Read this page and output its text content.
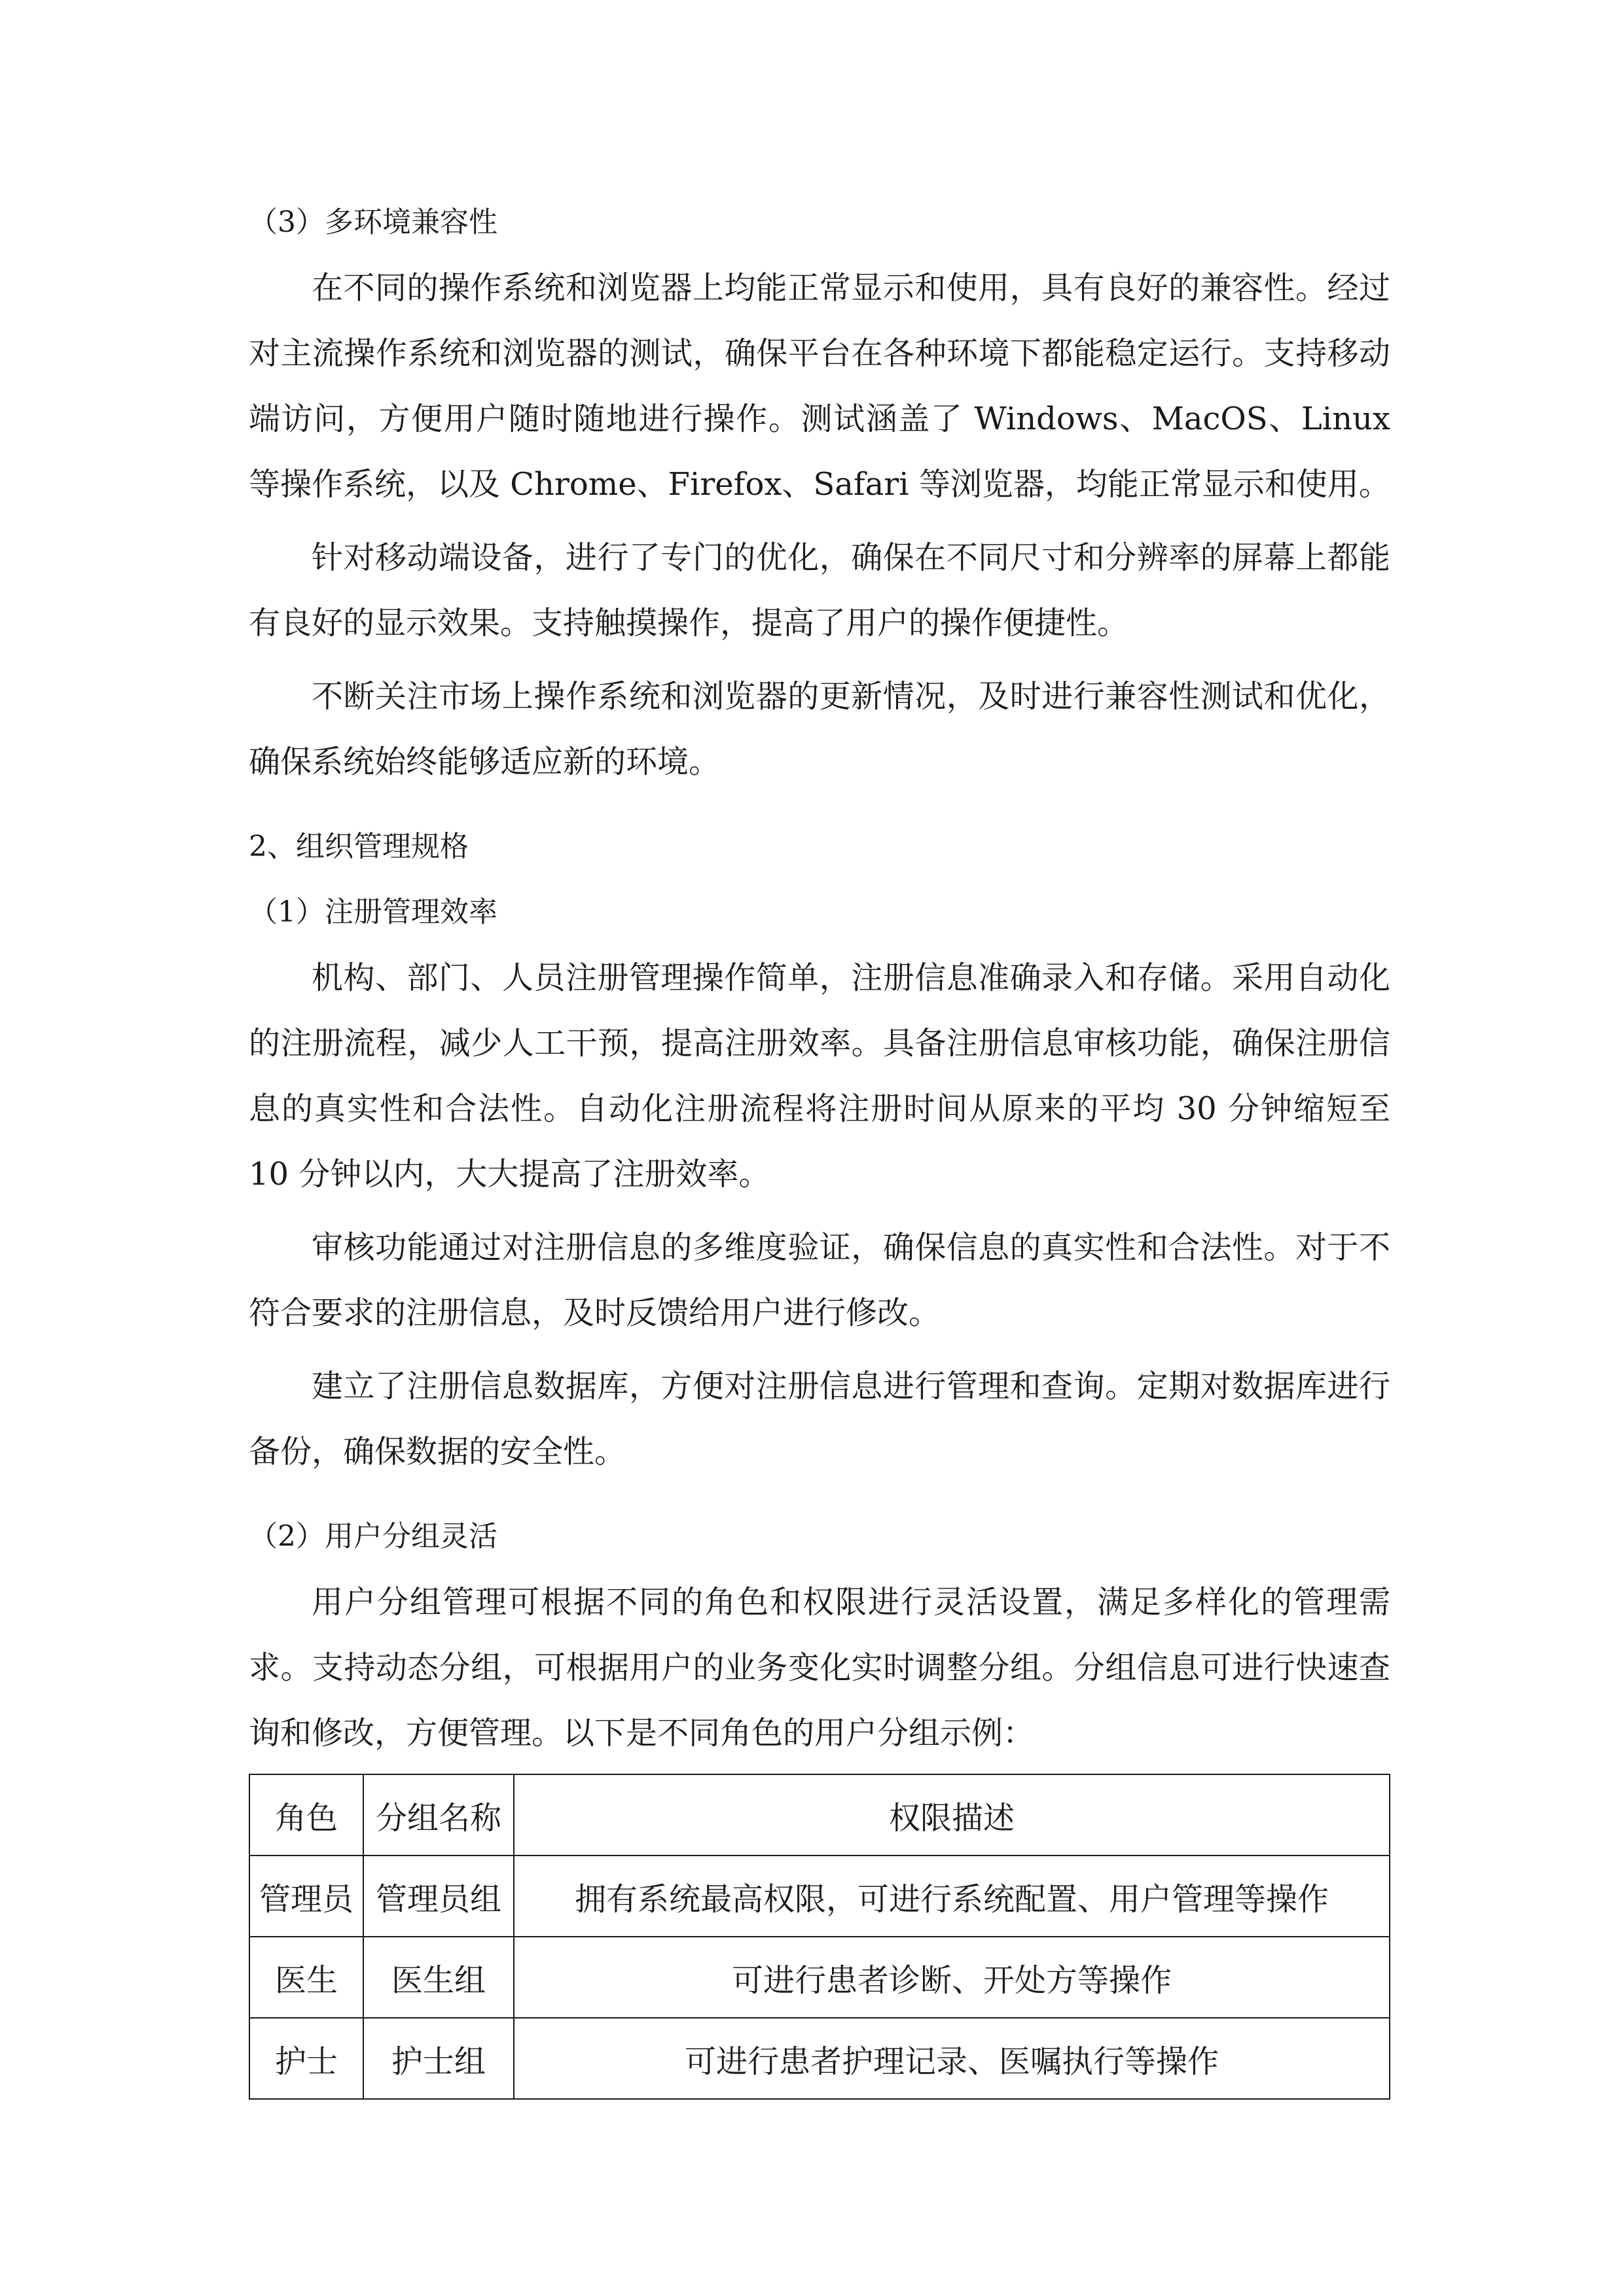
（3）多环境兼容性

在不同的操作系统和浏览器上均能正常显示和使用，具有良好的兼容性。经过对主流操作系统和浏览器的测试，确保平台在各种环境下都能稳定运行。支持移动端访问，方便用户随时随地进行操作。测试涵盖了 Windows、MacOS、Linux 等操作系统，以及 Chrome、Firefox、Safari 等浏览器，均能正常显示和使用。

针对移动端设备，进行了专门的优化，确保在不同尺寸和分辨率的屏幕上都能有良好的显示效果。支持触摸操作，提高了用户的操作便捷性。

不断关注市场上操作系统和浏览器的更新情况，及时进行兼容性测试和优化，确保系统始终能够适应新的环境。

2、组织管理规格
（1）注册管理效率

机构、部门、人员注册管理操作简单，注册信息准确录入和存储。采用自动化的注册流程，减少人工干预，提高注册效率。具备注册信息审核功能，确保注册信息的真实性和合法性。自动化注册流程将注册时间从原来的平均 30 分钟缩短至 10 分钟以内，大大提高了注册效率。

审核功能通过对注册信息的多维度验证，确保信息的真实性和合法性。对于不符合要求的注册信息，及时反馈给用户进行修改。

建立了注册信息数据库，方便对注册信息进行管理和查询。定期对数据库进行备份，确保数据的安全性。

（2）用户分组灵活

用户分组管理可根据不同的角色和权限进行灵活设置，满足多样化的管理需求。支持动态分组，可根据用户的业务变化实时调整分组。分组信息可进行快速查询和修改，方便管理。以下是不同角色的用户分组示例：

角色	分组名称	权限描述
管理员	管理员组	拥有系统最高权限，可进行系统配置、用户管理等操作
医生	医生组	可进行患者诊断、开处方等操作
护士	护士组	可进行患者护理记录、医嘱执行等操作
